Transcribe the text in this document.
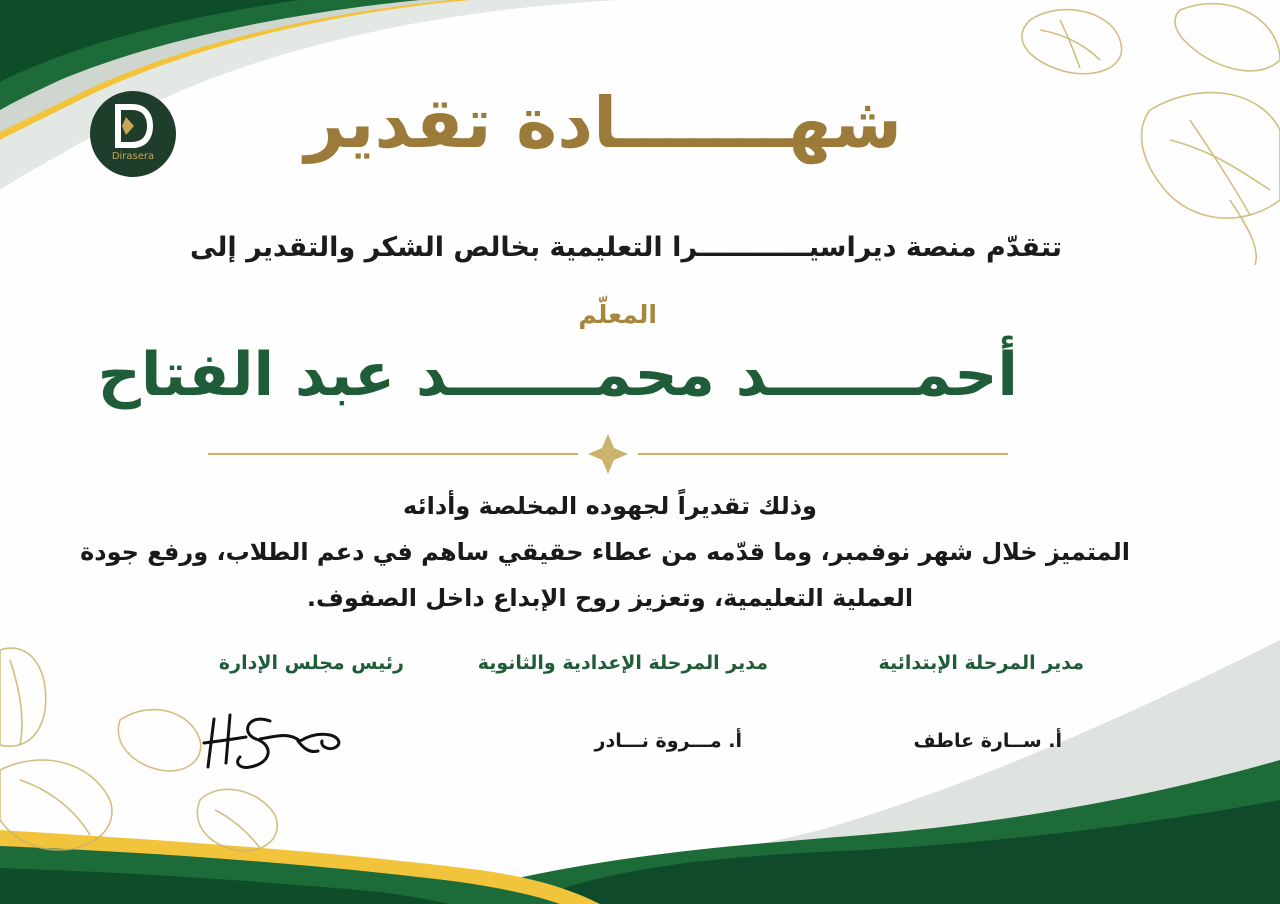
Dirasera	شهـــــــادة تقدير
تتقدّم منصة ديراسيــــــــــــرا التعليمية بخالص الشكر والتقدير إلى
المعلّم
أحمـــــــد محمـــــــد عبد الفتاح
وذلك تقديراً لجهوده المخلصة وأدائه
المتميز خلال شهر نوفمبر، وما قدّمه من عطاء حقيقي ساهم في دعم الطلاب، ورفع جودة
العملية التعليمية، وتعزيز روح الإبداع داخل الصفوف.
مدير المرحلة الإبتدائية
مدير المرحلة الإعدادية والثانوية
رئيس مجلس الإدارة
أ. ســارة عاطف
أ. مـــروة نـــادر
